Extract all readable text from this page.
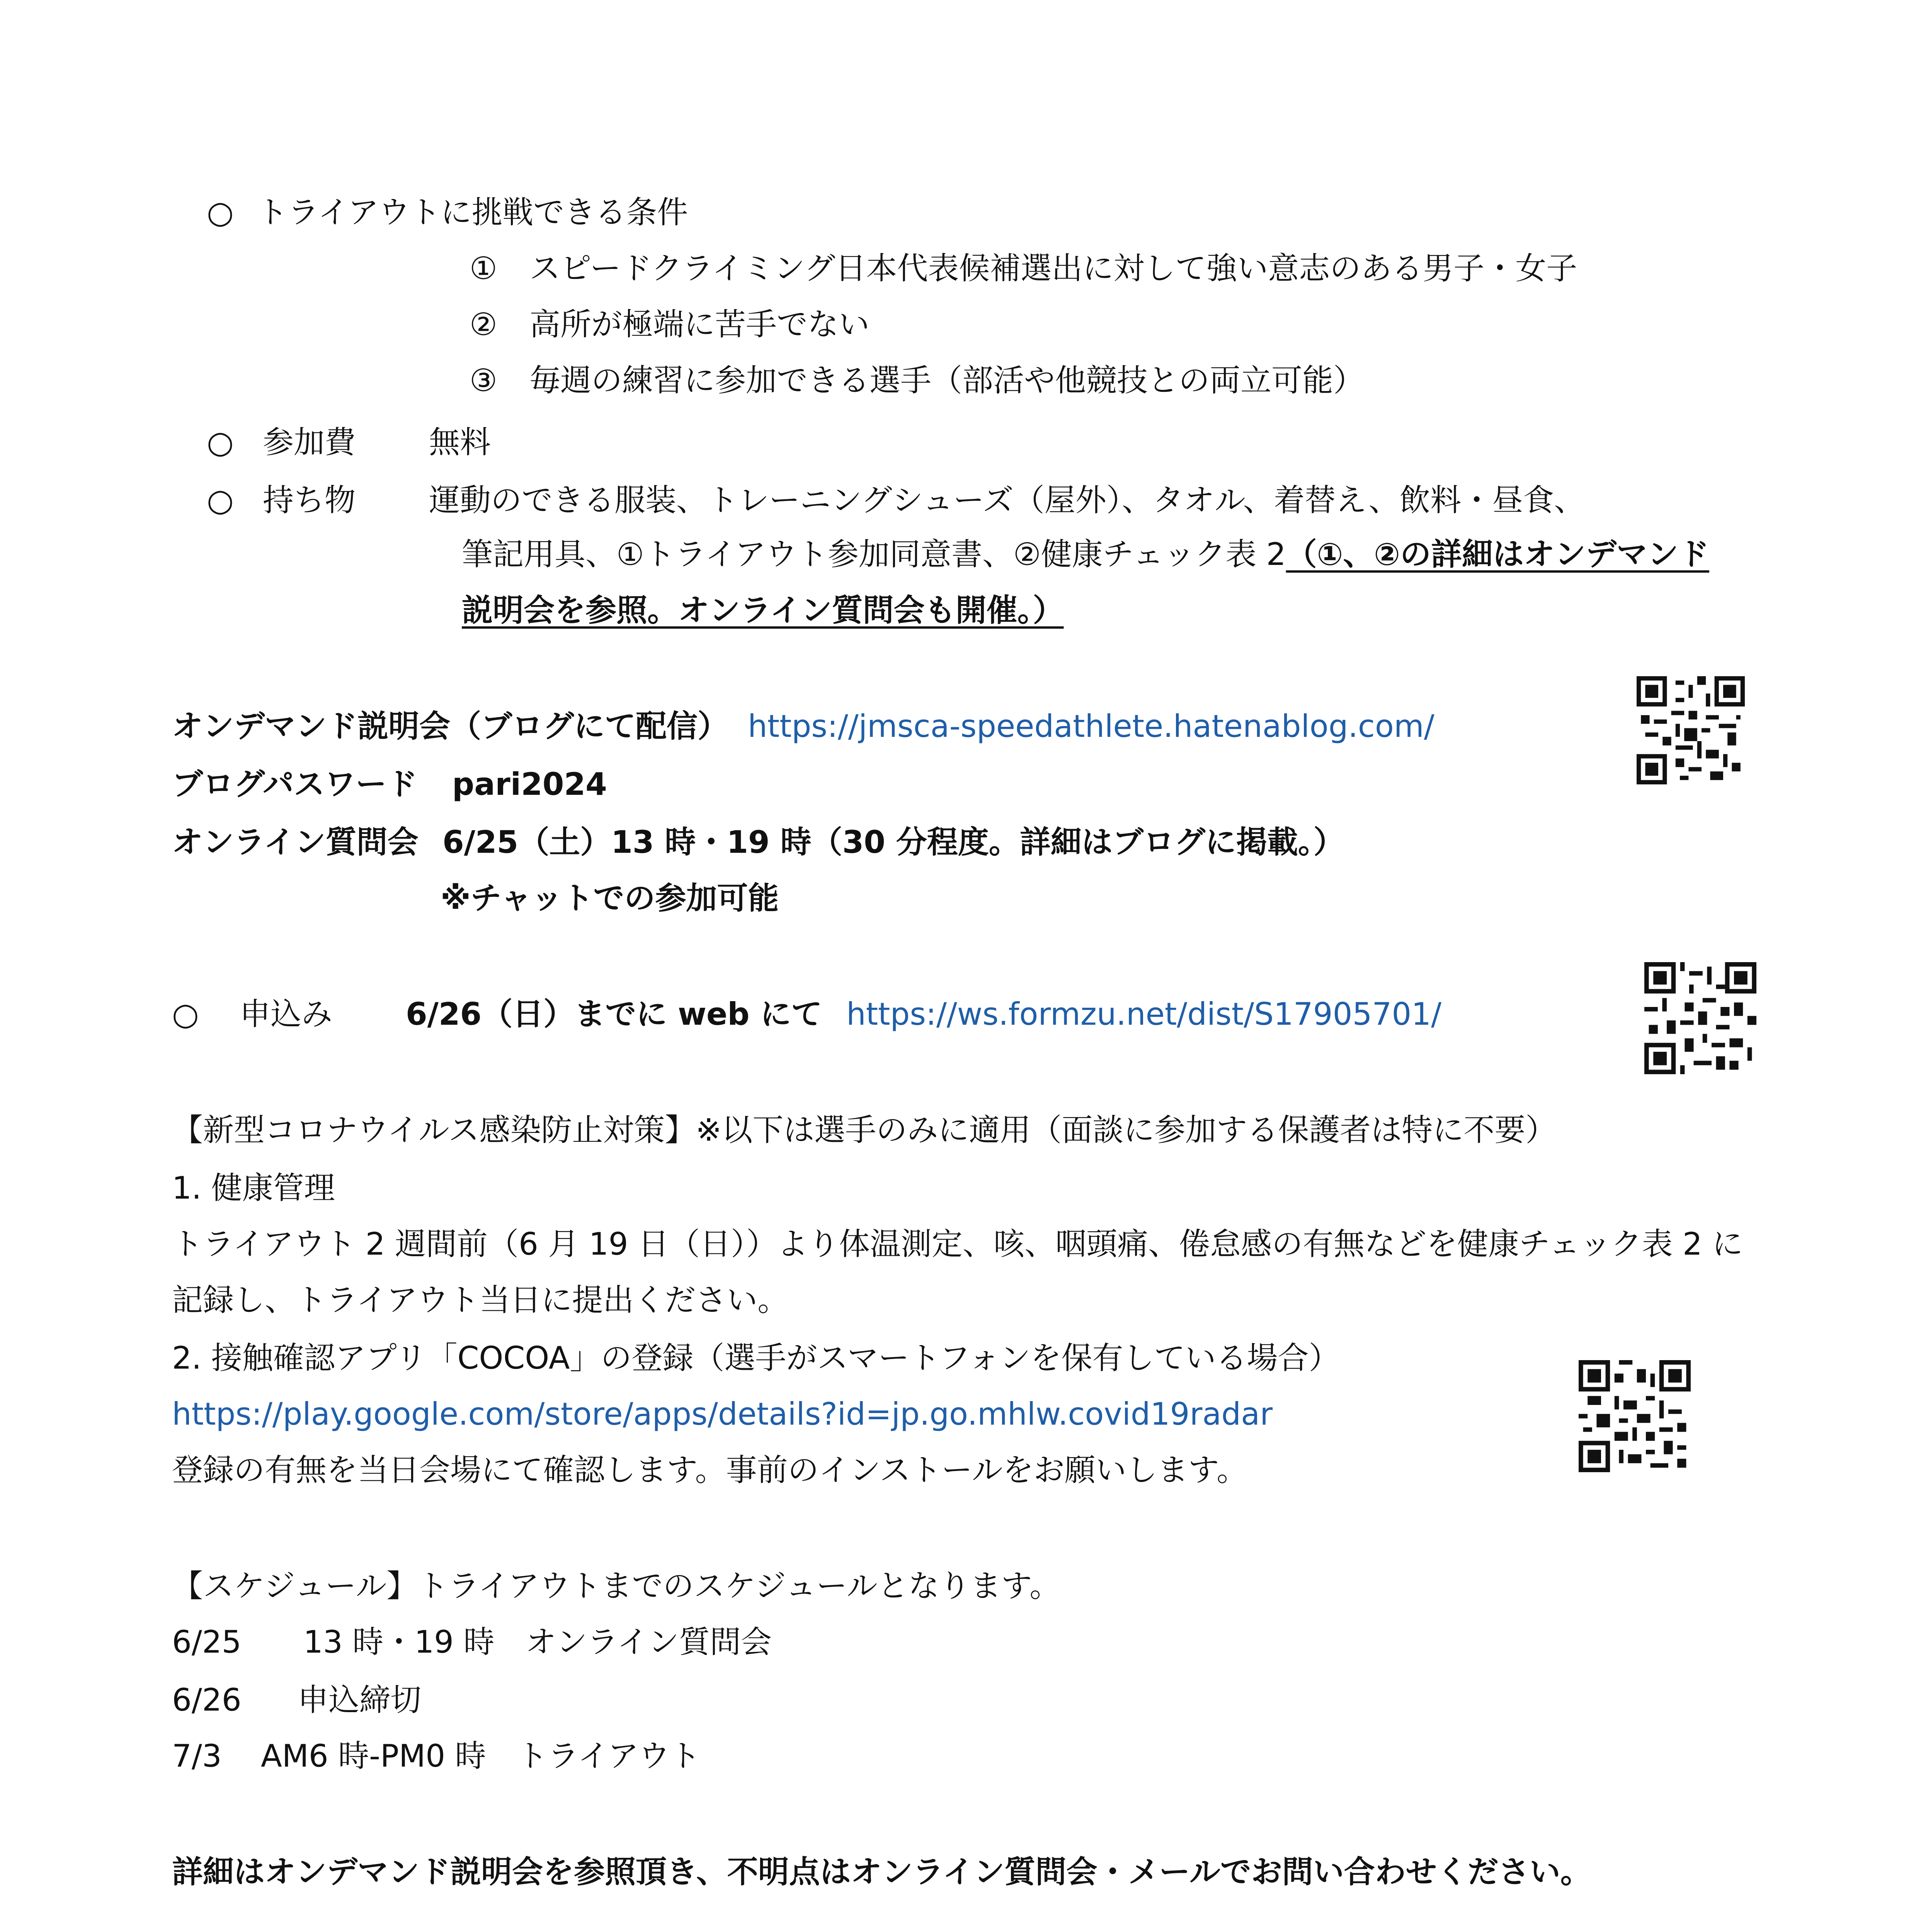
○ トライアウトに挑戦できる条件
① スピードクライミング日本代表候補選出に対して強い意志のある男子・女子
② 高所が極端に苦手でない
③ 毎週の練習に参加できる選手（部活や他競技との両立可能）
○ 参加費 無料
○ 持ち物 運動のできる服装、トレーニングシューズ（屋外）、タオル、着替え、飲料・昼食、
筆記用具、①トライアウト参加同意書、②健康チェック表 2（①、②の詳細はオンデマンド
説明会を参照。オンライン質問会も開催。）
オンデマンド説明会（ブログにて配信） https://jmsca-speedathlete.hatenablog.com/
ブログパスワード pari2024
オンライン質問会 6/25（土）13 時・19 時（30 分程度。詳細はブログに掲載。）
※チャットでの参加可能
○ 申込み 6/26（日）までに web にて https://ws.formzu.net/dist/S17905701/
【新型コロナウイルス感染防止対策】※以下は選手のみに適用（面談に参加する保護者は特に不要）
1. 健康管理
トライアウト 2 週間前（6 月 19 日（日））より体温測定、咳、咽頭痛、倦怠感の有無などを健康チェック表 2 に
記録し、トライアウト当日に提出ください。
2. 接触確認アプリ「COCOA」の登録（選手がスマートフォンを保有している場合）
https://play.google.com/store/apps/details?id=jp.go.mhlw.covid19radar
登録の有無を当日会場にて確認します。事前のインストールをお願いします。
【スケジュール】トライアウトまでのスケジュールとなります。
6/25 13 時・19 時　オンライン質問会
6/26 申込締切
7/3 AM6 時-PM0 時　トライアウト
詳細はオンデマンド説明会を参照頂き、不明点はオンライン質問会・メールでお問い合わせください。
